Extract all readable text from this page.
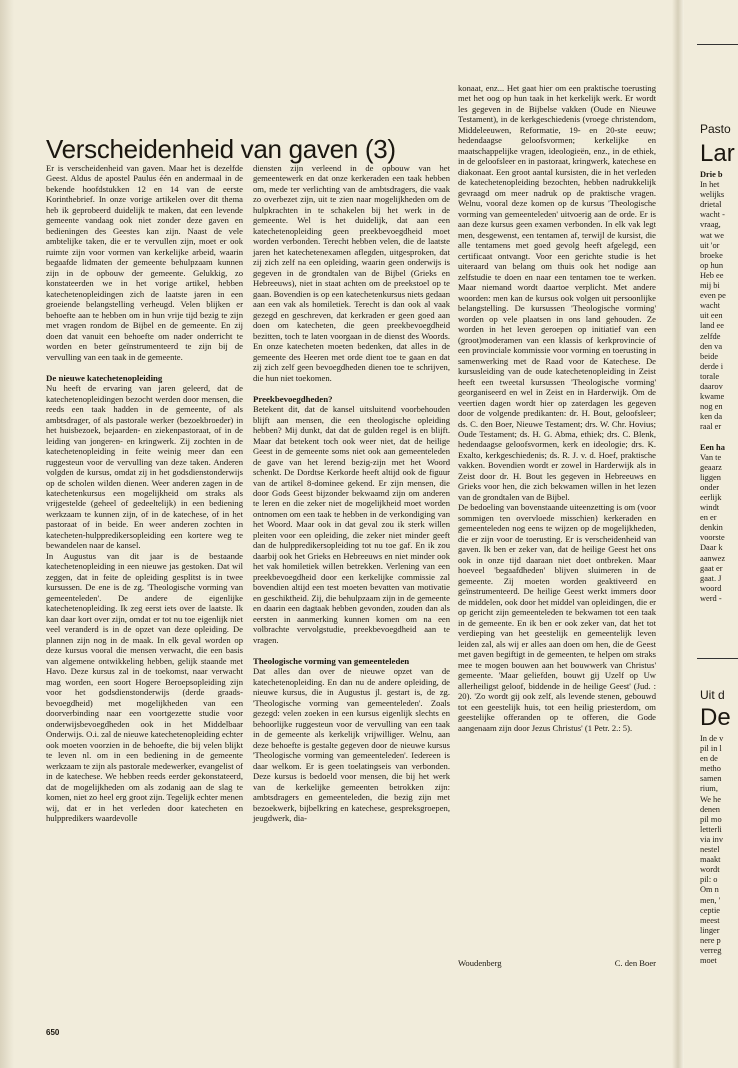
Verscheidenheid van gaven (3)

Er is verscheidenheid van gaven. Maar het is dezelfde Geest. Aldus de apostel Paulus één en andermaal in de bekende hoofdstukken 12 en 14 van de eerste Korinthebrief. In onze vorige artikelen over dit thema heb ik geprobeerd duidelijk te maken, dat een levende gemeente vandaag ook niet zonder deze gaven en bedieningen des Geestes kan zijn. Naast de vele ambtelijke taken, die er te vervullen zijn, moet er ook ruimte zijn voor vormen van kerkelijke arbeid, waarin begaafde lidmaten der gemeente behulpzaam kunnen zijn in de opbouw der gemeente. Gelukkig, zo konstateerden we in het vorige artikel, hebben katechetenopleidingen zich de laatste jaren in een groeiende belangstelling verheugd. Velen blijken er behoefte aan te hebben om in hun vrije tijd bezig te zijn met vragen rondom de Bijbel en de gemeente. En zij doen dat vanuit een behoefte om nader onderricht te worden en beter geïnstrumenteerd te zijn bij de vervulling van een taak in de gemeente.

De nieuwe katechetenopleiding

Nu heeft de ervaring van jaren geleerd, dat de katechetenopleidingen bezocht werden door mensen, die reeds een taak hadden in de gemeente, of als ambtsdrager, of als pastorale werker (bezoekbroeder) in het huisbezoek, bejaarden- en ziekenpastoraat, of in de leiding van jongeren- en kringwerk. Zij zochten in de katechetenopleiding in feite weinig meer dan een ruggesteun voor de vervulling van deze taken. Anderen volgden de kursus, omdat zij in het godsdienstonderwijs op de scholen wilden dienen. Weer anderen zagen in de katechetenkursus een mogelijkheid om straks als vrijgestelde (geheel of gedeeltelijk) in een bediening werkzaam te kunnen zijn, of in de katechese, of in het pastoraat of in beide. En weer anderen zochten in katecheten-hulppredikersopleiding een kortere weg te bewandelen naar de kansel.

In Augustus van dit jaar is de bestaande katechetenopleiding in een nieuwe jas gestoken. Dat wil zeggen, dat in feite de opleiding gesplitst is in twee kursussen. De ene is de zg. 'Theologische vorming van gemeenteleden'. De andere de eigenlijke katechetenopleiding. Ik zeg eerst iets over de laatste. Ik kan daar kort over zijn, omdat er tot nu toe eigenlijk niet veel veranderd is in de opzet van deze opleiding. De plannen zijn nog in de maak. In elk geval worden op deze kursus vooral die mensen verwacht, die een basis van algemene ontwikkeling hebben, gelijk staande met Havo. Deze kursus zal in de toekomst, naar verwacht mag worden, een soort Hogere Beroepsopleiding zijn voor het godsdienstonderwijs (derde graads-bevoegdheid) met mogelijkheden van een doorverbinding naar een voortgezette studie voor onderwijsbevoegdheden ook in het Middelbaar Onderwijs. O.i. zal de nieuwe katechetenopleiding echter ook moeten voorzien in de behoefte, die bij velen blijkt te leven nl. om in een bediening in de gemeente werkzaam te zijn als pastorale medewerker, evangelist of in de katechese. We hebben reeds eerder gekonstateerd, dat de mogelijkheden om als zodanig aan de slag te komen, niet zo heel erg groot zijn. Tegelijk echter menen wij, dat er in het verleden door katecheten en hulppredikers waardevolle

diensten zijn verleend in de opbouw van het gemeentewerk en dat onze kerkeraden een taak hebben om, mede ter verlichting van de ambtsdragers, die vaak zo overbezet zijn, uit te zien naar mogelijkheden om de hulpkrachten in te schakelen bij het werk in de gemeente. Wel is het duidelijk, dat aan een katechetenopleiding geen preekbevoegdheid moet worden verbonden. Terecht hebben velen, die de laatste jaren het katechetenexamen aflegden, uitgesproken, dat zij zich zelf na een opleiding, waarin geen onderwijs is gegeven in de grondtalen van de Bijbel (Grieks en Hebreeuws), niet in staat achten om de preekstoel op te gaan. Bovendien is op een katechetenkursus niets gedaan aan een vak als homiletiek. Terecht is dan ook al vaak gezegd en geschreven, dat kerkraden er geen goed aan doen om katecheten, die geen preekbevoegdheid bezitten, toch te laten voorgaan in de dienst des Woords. En onze katecheten moeten bedenken, dat alles in de gemeente des Heeren met orde dient toe te gaan en dat zij zich zelf geen bevoegdheden dienen toe te schrijven, die hun niet toekomen.

Preekbevoegdheden?

Betekent dit, dat de kansel uitsluitend voorbehouden blijft aan mensen, die een theologische opleiding hebben? Mij dunkt, dat dat de gulden regel is en blijft. Maar dat betekent toch ook weer niet, dat de heilige Geest in de gemeente soms niet ook aan gemeenteleden de gave van het lerend bezig-zijn met het Woord schenkt. De Dordtse Kerkorde heeft altijd ook de figuur van de artikel 8-dominee gekend. Er zijn mensen, die door Gods Geest bijzonder bekwaamd zijn om anderen te leren en die zeker niet de mogelijkheid moet worden ontnomen om een taak te hebben in de verkondiging van het Woord. Maar ook in dat geval zou ik sterk willen pleiten voor een opleiding, die zeker niet minder geeft dan de hulppredikersopleiding tot nu toe gaf. En ik zou daarbij ook het Grieks en Hebreeuws en niet minder ook het vak homiletiek willen betrekken. Verlening van een preekbevoegdheid door een kerkelijke commissie zal bovendien altijd een test moeten bevatten van motivatie en geschiktheid. Zij, die behulpzaam zijn in de gemeente en daarin een dagtaak hebben gevonden, zouden dan als eersten in aanmerking kunnen komen om na een volbrachte vervolgstudie, preekbevoegdheid aan te vragen.

Theologische vorming van gemeenteleden

Dat alles dan over de nieuwe opzet van de katechetenopleiding. En dan nu de andere opleiding, de nieuwe kursus, die in Augustus jl. gestart is, de zg. 'Theologische vorming van gemeenteleden'. Zoals gezegd: velen zoeken in een kursus eigenlijk slechts en behoorlijke ruggesteun voor de vervulling van een taak in de gemeente als kerkelijk vrijwilliger. Welnu, aan deze behoefte is gestalte gegeven door de nieuwe kursus 'Theologische vorming van gemeenteleden'. Iedereen is daar welkom. Er is geen toelatingseis van verbonden. Deze kursus is bedoeld voor mensen, die bij het werk van de kerkelijke gemeenten betrokken zijn: ambtsdragers en gemeenteleden, die bezig zijn met bezoekwerk, bijbelkring en katechese, gespreksgroepen, jeugdwerk, dia-

konaat, enz... Het gaat hier om een praktische toerusting met het oog op hun taak in het kerkelijk werk. Er wordt les gegeven in de Bijbelse vakken (Oude en Nieuwe Testament), in de kerkgeschiedenis (vroege christendom, Middeleeuwen, Reformatie, 19- en 20-ste eeuw; hedendaagse geloofsvormen; kerkelijke en maatschappelijke vragen, ideologieën, enz., in de ethiek, in de geloofsleer en in pastoraat, kringwerk, katechese en diakonaat. Een groot aantal kursisten, die in het verleden de katechetenopleiding bezochten, hebben nadrukkelijk gevraagd om meer nadruk op de praktische vragen. Welnu, vooral deze komen op de kursus 'Theologische vorming van gemeenteleden' uitvoerig aan de orde. Er is aan deze kursus geen examen verbonden. In elk vak legt men, desgewenst, een tentamen af, terwijl de kursist, die alle tentamens met goed gevolg heeft afgelegd, een certificaat ontvangt. Voor een gerichte studie is het uiteraard van belang om thuis ook het nodige aan zelfstudie te doen en naar een tentamen toe te werken. Maar niemand wordt daartoe verplicht. Met andere woorden: men kan de kursus ook volgen uit persoonlijke belangstelling. De kursussen 'Theologische vorming' worden op vele plaatsen in ons land gehouden. Ze worden in het leven geroepen op initiatief van een (groot)moderamen van een klassis of kerkprovincie of een provinciale kommissie voor vorming en toerusting in samenwerking met de Raad voor de Katechese. De kursusleiding van de oude katechetenopleiding in Zeist heeft een tweetal kursussen 'Theologische vorming' georganiseerd en wel in Zeist en in Harderwijk. Om de veertien dagen wordt hier op zaterdagen les gegeven door de volgende predikanten: dr. H. Bout, geloofsleer; ds. C. den Boer, Nieuwe Testament; drs. W. Chr. Hovius; Oude Testament; ds. H. G. Abma, ethiek; drs. C. Blenk, hedendaagse geloofsvormen, kerk en ideologie; drs. K. Exalto, kerkgeschiedenis; ds. R. J. v. d. Hoef, praktische vakken. Bovendien wordt er zowel in Harderwijk als in Zeist door dr. H. Bout les gegeven in Hebreeuws en Grieks voor hen, die zich bekwamen willen in het lezen van de grondtalen van de Bijbel.

De bedoeling van bovenstaande uiteenzetting is om (voor sommigen ten overvloede misschien) kerkeraden en gemeenteleden nog eens te wijzen op de mogelijkheden, die er zijn voor de toerusting. Er is verscheidenheid van gaven. Ik ben er zeker van, dat de heilige Geest het ons ook in onze tijd daaraan niet doet ontbreken. Maar hoeveel 'begaafdheden' blijven sluimeren in de gemeente. Zij moeten worden geaktiveerd en geïnstrumenteerd. De heilige Geest werkt immers door de middelen, ook door het middel van opleidingen, die er op gericht zijn gemeenteleden te bekwamen tot een taak in de gemeente. En ik ben er ook zeker van, dat het tot verdieping van het geestelijk en gemeentelijk leven leiden zal, als wij er alles aan doen om hen, die de Geest met gaven begiftigt in de gemeenten, te helpen om straks mee te mogen bouwen aan het bouwwerk van Christus' gemeente. 'Maar geliefden, bouwt gij Uzelf op Uw allerheiligst geloof, biddende in de heilige Geest' (Jud. : 20). 'Zo wordt gij ook zelf, als levende stenen, gebouwd tot een geestelijk huis, tot een heilig priesterdom, om geestelijke offeranden op te offeren, die Gode aangenaam zijn door Jezus Christus' (1 Petr. 2.: 5).

Woudenberg	C. den Boer
650
Pasto
Lar
Drie b
In het
welijks
drietal
wacht -
vraag,
wat we
uit 'or
broeke
op hun
Heb ee
mij bi
even pe
wacht
uit een
land ee
zelfde
den va
beide
derde i
torale
daarov
kwame
nog en
ken da
raal er

Een ha
Van te
geaarz
liggen
onder
eerlijk
windt
en er
denkin
voorste
Daar k
aanwez
gaat er
gaat. J
woord
werd -
Uit d
De
In de v
pil in l
en de
metho
samen
rium,
We he
denen
pil mo
letterli
via inv
nestel
maakt
wordt
pil: o
Om n
men, '
ceptie
meest
linger
nere p
verreg
moet
